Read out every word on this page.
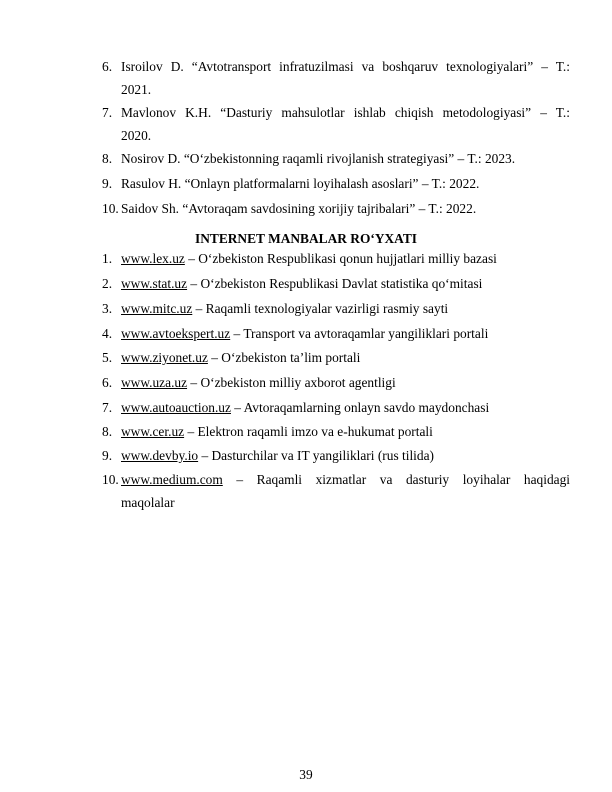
6. Isroilov D. “Avtotransport infratuzilmasi va boshqaruv texnologiyalari” – T.:
2021.
7. Mavlonov K.H. “Dasturiy mahsulotlar ishlab chiqish metodologiyasi” – T.:
2020.
8. Nosirov D. “O‘zbekistonning raqamli rivojlanish strategiyasi” – T.: 2023.
9. Rasulov H. “Onlayn platformalarni loyihalash asoslari” – T.: 2022.
10. Saidov Sh. “Avtoraqam savdosining xorijiy tajribalari” – T.: 2022.
INTERNET MANBALAR RO‘YXATI
1. www.lex.uz – O‘zbekiston Respublikasi qonun hujjatlari milliy bazasi
2. www.stat.uz – O‘zbekiston Respublikasi Davlat statistika qo‘mitasi
3. www.mitc.uz – Raqamli texnologiyalar vazirligi rasmiy sayti
4. www.avtoekspert.uz – Transport va avtoraqamlar yangiliklari portali
5. www.ziyonet.uz – O‘zbekiston ta’lim portali
6. www.uza.uz – O‘zbekiston milliy axborot agentligi
7. www.autoauction.uz – Avtoraqamlarning onlayn savdo maydonchasi
8. www.cer.uz – Elektron raqamli imzo va e-hukumat portali
9. www.devby.io – Dasturchilar va IT yangiliklari (rus tilida)
10. www.medium.com – Raqamli xizmatlar va dasturiy loyihalar haqidagi
maqolalar
39
